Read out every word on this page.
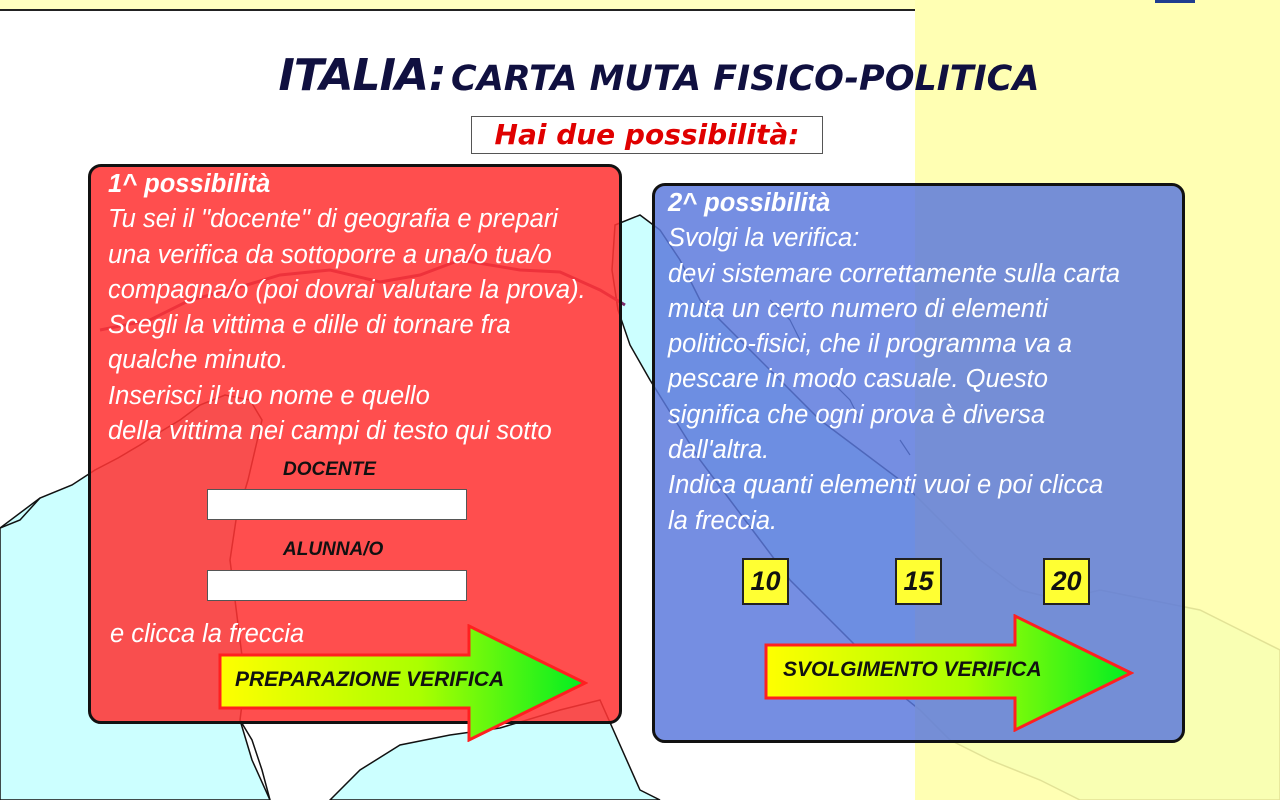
ITALIA: CARTA MUTA FISICO-POLITICA
Hai due possibilità:
1^ possibilità
Tu sei il "docente" di geografia e prepari
una verifica da sottoporre a una/o tua/o
compagna/o (poi dovrai valutare la prova).
Scegli la vittima e dille di tornare fra
qualche minuto.
Inserisci il tuo nome e quello
della vittima nei campi di testo qui sotto
DOCENTE
ALUNNA/O
e clicca la freccia
PREPARAZIONE VERIFICA
2^ possibilità
Svolgi la verifica:
devi sistemare correttamente sulla carta
muta un certo numero di elementi
politico-fisici, che il programma va a
pescare in modo casuale. Questo
significa che ogni prova è diversa
dall'altra.
Indica quanti elementi vuoi e poi clicca
la freccia.
10	15	20
SVOLGIMENTO VERIFICA
